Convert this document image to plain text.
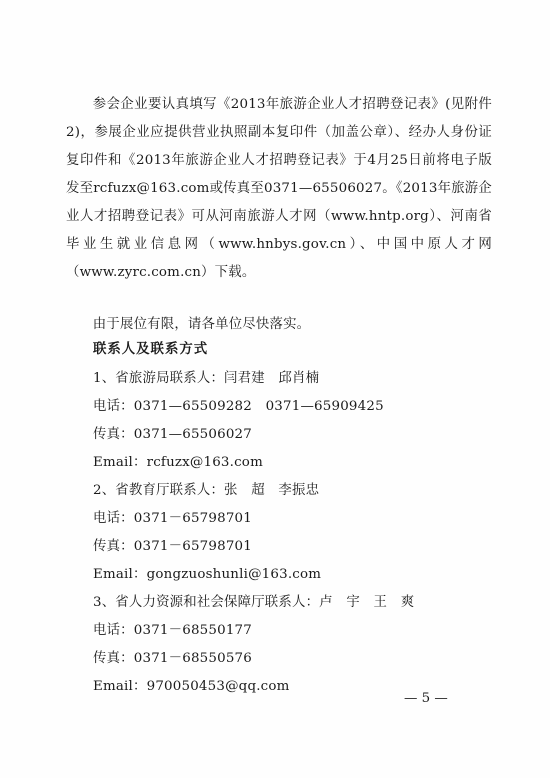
参会企业要认真填写《2013年旅游企业人才招聘登记表》(见附件2)，参展企业应提供营业执照副本复印件（加盖公章）、经办人身份证复印件和《2013年旅游企业人才招聘登记表》于4月25日前将电子版发至rcfuzx@163.com或传真至0371—65506027。《2013年旅游企业人才招聘登记表》可从河南旅游人才网（www.hntp.org）、河南省毕业生就业信息网（www.hnbys.gov.cn）、中国中原人才网（www.zyrc.com.cn）下载。

由于展位有限，请各单位尽快落实。

联系人及联系方式

1、省旅游局联系人：闫君建　邱肖楠

电话：0371—65509282　0371—65909425

传真：0371—65506027

Email：rcfuzx@163.com

2、省教育厅联系人：张　超　李振忠

电话：0371－65798701

传真：0371－65798701

Email：gongzuoshunli@163.com

3、省人力资源和社会保障厅联系人：卢　宇　王　爽

电话：0371－68550177

传真：0371－68550576

Email：970050453@qq.com

— 5 —
